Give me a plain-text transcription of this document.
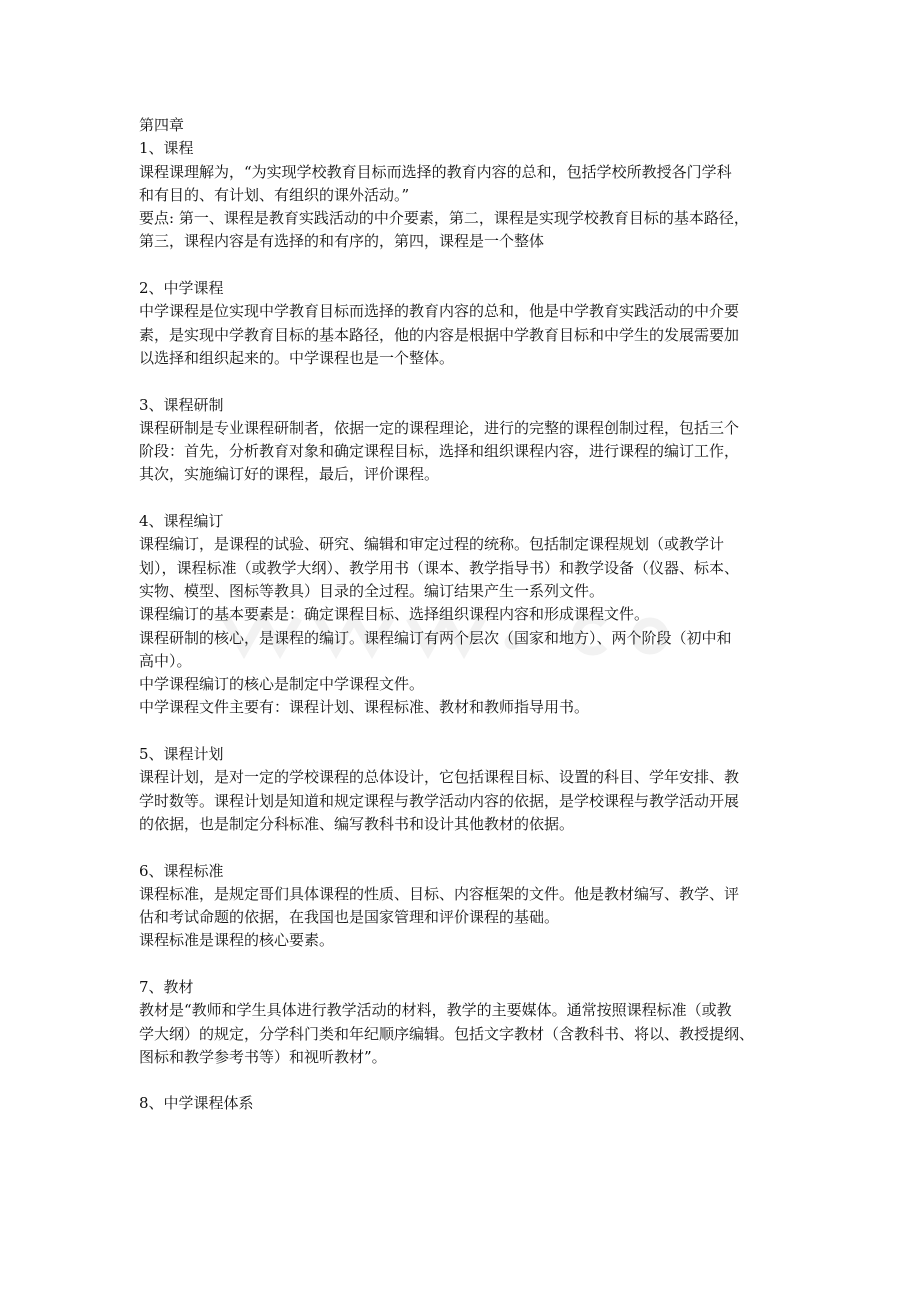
第四章

1、课程

课程课理解为，“为实现学校教育目标而选择的教育内容的总和，包括学校所教授各门学科

和有目的、有计划、有组织的课外活动。”

要点: 第一、课程是教育实践活动的中介要素，第二，课程是实现学校教育目标的基本路径，

第三，课程内容是有选择的和有序的，第四，课程是一个整体

2、中学课程

中学课程是位实现中学教育目标而选择的教育内容的总和，他是中学教育实践活动的中介要

素，是实现中学教育目标的基本路径，他的内容是根据中学教育目标和中学生的发展需要加

以选择和组织起来的。中学课程也是一个整体。

3、课程研制

课程研制是专业课程研制者，依据一定的课程理论，进行的完整的课程创制过程，包括三个

阶段：首先，分析教育对象和确定课程目标，选择和组织课程内容，进行课程的编订工作，

其次，实施编订好的课程，最后，评价课程。

4、课程编订

课程编订，是课程的试验、研究、编辑和审定过程的统称。包括制定课程规划（或教学计

划），课程标准（或教学大纲）、教学用书（课本、教学指导书）和教学设备（仪器、标本、

实物、模型、图标等教具）目录的全过程。编订结果产生一系列文件。

课程编订的基本要素是：确定课程目标、选择组织课程内容和形成课程文件。

课程研制的核心，是课程的编订。课程编订有两个层次（国家和地方）、两个阶段（初中和

高中）。

中学课程编订的核心是制定中学课程文件。

中学课程文件主要有：课程计划、课程标准、教材和教师指导用书。

5、课程计划

课程计划，是对一定的学校课程的总体设计，它包括课程目标、设置的科目、学年安排、教

学时数等。课程计划是知道和规定课程与教学活动内容的依据，是学校课程与教学活动开展

的依据，也是制定分科标准、编写教科书和设计其他教材的依据。

6、课程标准

课程标准，是规定哥们具体课程的性质、目标、内容框架的文件。他是教材编写、教学、评

估和考试命题的依据，在我国也是国家管理和评价课程的基础。

课程标准是课程的核心要素。

7、教材

教材是“教师和学生具体进行教学活动的材料，教学的主要媒体。通常按照课程标准（或教

学大纲）的规定，分学科门类和年纪顺序编辑。包括文字教材（含教科书、将以、教授提纲、

图标和教学参考书等）和视听教材”。

8、中学课程体系
